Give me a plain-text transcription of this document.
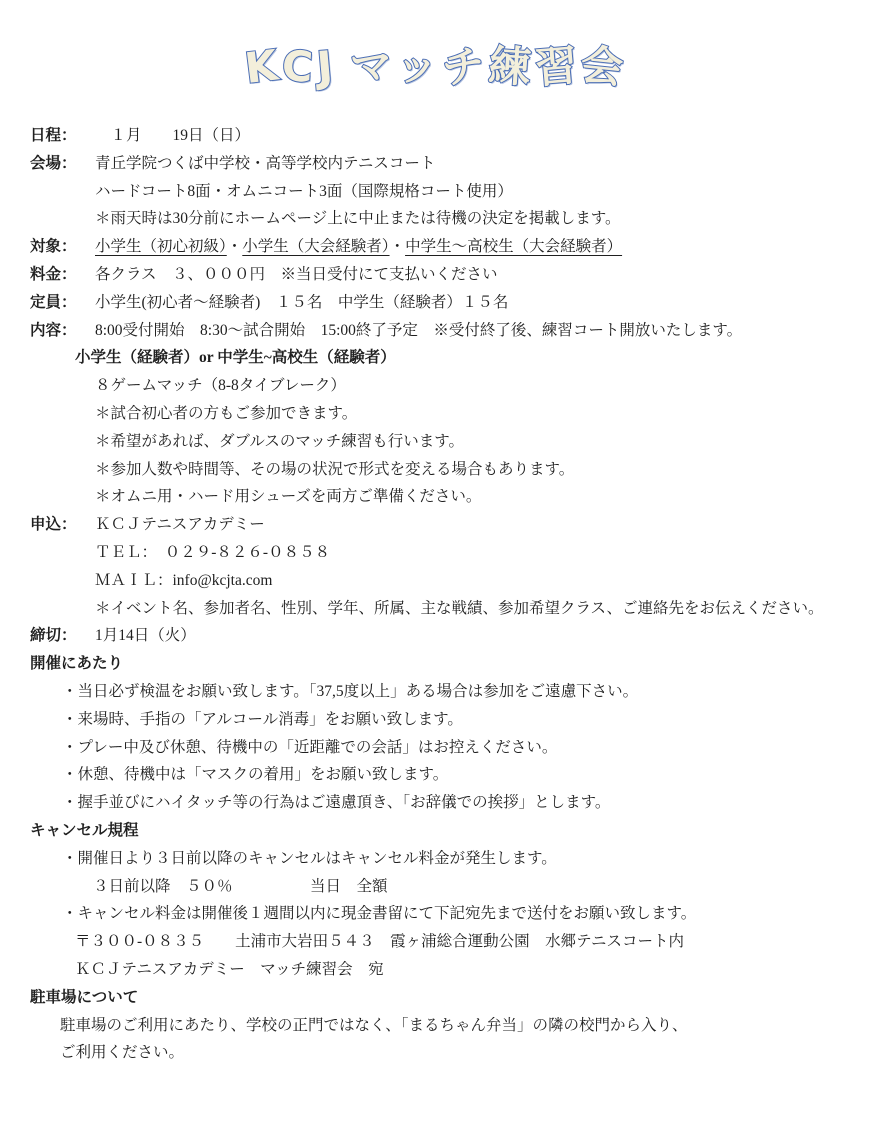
KCJ マッチ練習会
日程：　１月　　19日（日）
会場： 青丘学院つくば中学校・高等学校内テニスコート
ハードコート8面・オムニコート3面（国際規格コート使用）
＊雨天時は30分前にホームページ上に中止または待機の決定を掲載します。
対象： 小学生（初心初級）・小学生（大会経験者）・中学生～高校生（大会経験者）
料金： 各クラス　３、０００円　※当日受付にて支払いください
定員： 小学生(初心者～経験者)　１５名　中学生（経験者）１５名
内容： 8:00受付開始　8:30～試合開始　15:00終了予定　※受付終了後、練習コート開放いたします。
小学生（経験者）or 中学生~高校生（経験者）
８ゲームマッチ（8-8タイブレーク）
＊試合初心者の方もご参加できます。
＊希望があれば、ダブルスのマッチ練習も行います。
＊参加人数や時間等、その場の状況で形式を変える場合もあります。
＊オムニ用・ハード用シューズを両方ご準備ください。
申込： ＫＣＪテニスアカデミー
ＴＥＬ：　０２９‐８２６‐０８５８
ＭＡＩＬ：info@kcjta.com
＊イベント名、参加者名、性別、学年、所属、主な戦績、参加希望クラス、ご連絡先をお伝えください。
締切： 1月14日（火）
開催にあたり
・当日必ず検温をお願い致します。「37,5度以上」ある場合は参加をご遠慮下さい。
・来場時、手指の「アルコール消毒」をお願い致します。
・プレー中及び休憩、待機中の「近距離での会話」はお控えください。
・休憩、待機中は「マスクの着用」をお願い致します。
・握手並びにハイタッチ等の行為はご遠慮頂き、「お辞儀での挨拶」とします。
キャンセル規程
・開催日より３日前以降のキャンセルはキャンセル料金が発生します。
３日前以降　５０％　　　　　当日　全額
・キャンセル料金は開催後１週間以内に現金書留にて下記宛先まで送付をお願い致します。
〒３００‐０８３５　　土浦市大岩田５４３　霞ヶ浦総合運動公園　水郷テニスコート内
ＫＣＪテニスアカデミー　マッチ練習会　宛
駐車場について
駐車場のご利用にあたり、学校の正門ではなく、「まるちゃん弁当」の隣の校門から入り、
ご利用ください。
